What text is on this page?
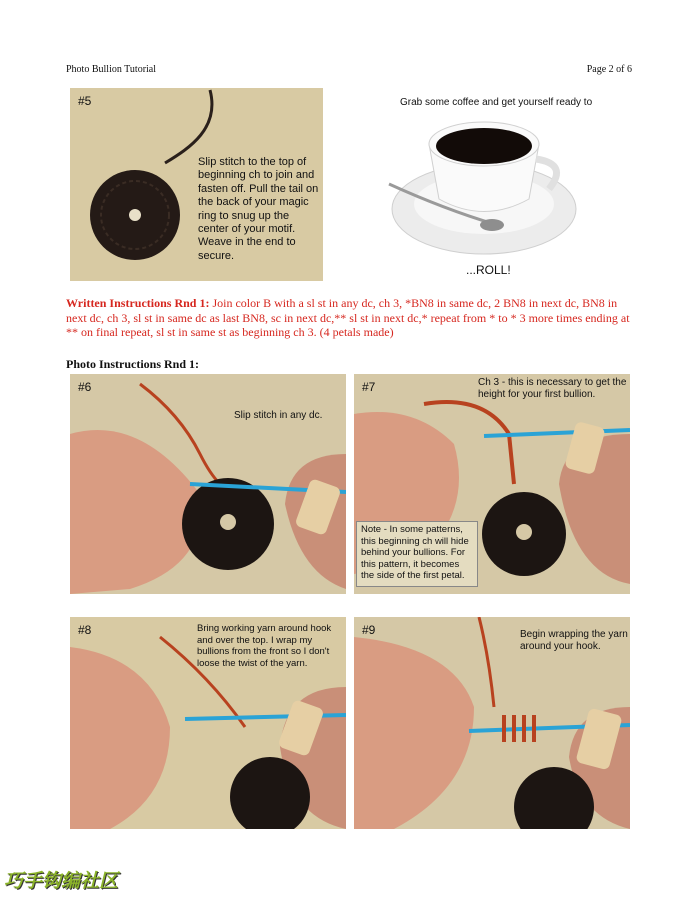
Photo Bullion Tutorial	Page 2 of 6
#5
Slip stitch to the top of beginning ch to join and fasten off. Pull the tail on the back of your magic ring to snug up the center of your motif. Weave in the end to secure.
Grab some coffee and get yourself ready to
...ROLL!
Written Instructions Rnd 1: Join color B with a sl st in any dc, ch 3, *BN8 in same dc, 2 BN8 in next dc, BN8 in next dc, ch 3, sl st in same dc as last BN8, sc in next dc,** sl st in next dc,* repeat from * to * 3 more times ending at ** on final repeat, sl st in same st as beginning ch 3. (4 petals made)
Photo Instructions Rnd 1:
#6
Slip stitch in any dc.
#7	Ch 3 - this is necessary to get the height for your first bullion.
Note - In some patterns, this beginning ch will hide behind your bullions. For this pattern, it becomes the side of the first petal.
#8	Bring working yarn around hook and over the top. I wrap my bullions from the front so I don't loose the twist of the yarn.
#9	Begin wrapping the yarn around your hook.
巧手钩编社区
